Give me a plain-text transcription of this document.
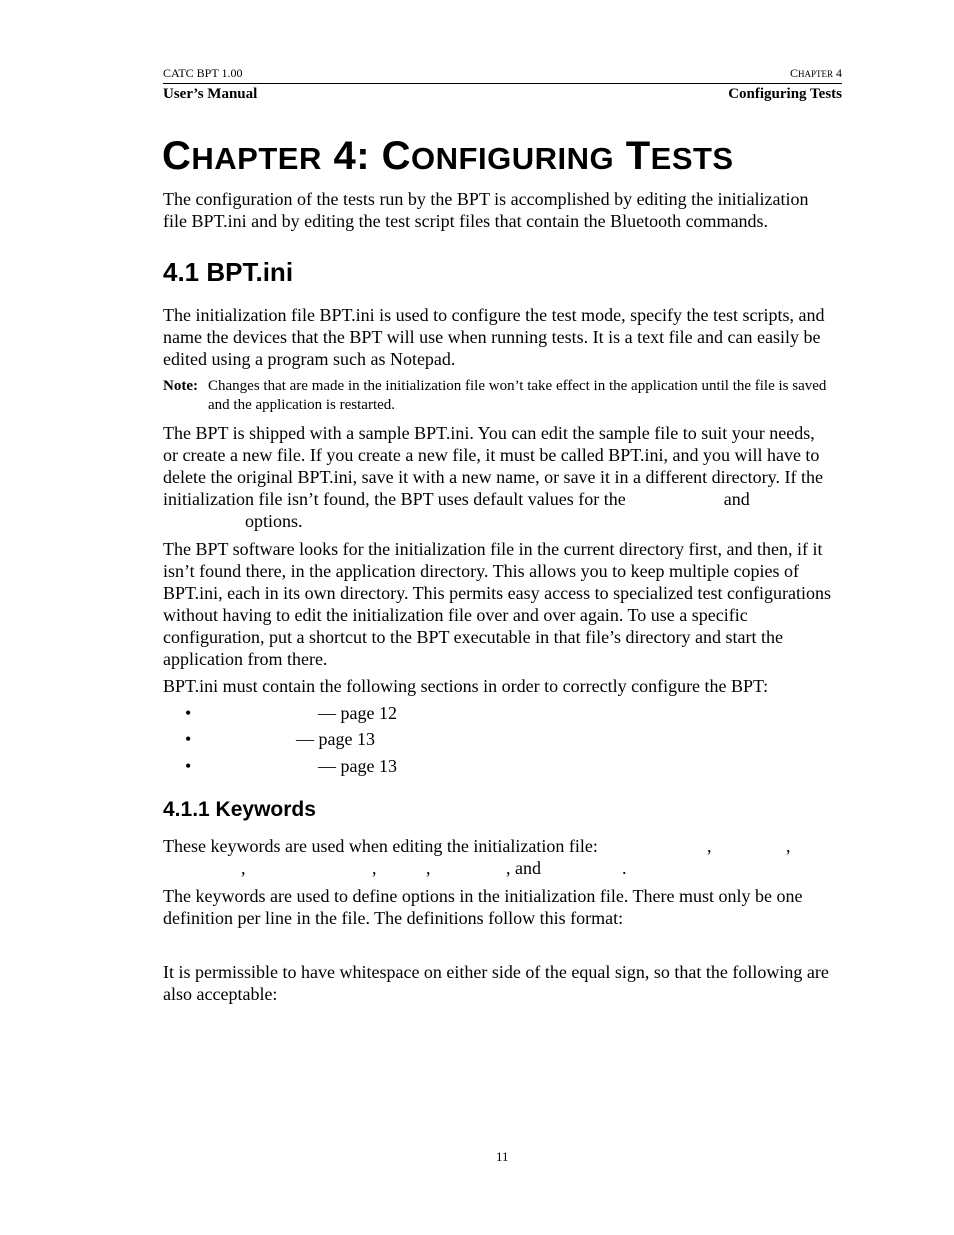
CATC BPT 1.00	CHAPTER 4
User’s Manual	Configuring Tests
CHAPTER 4: CONFIGURING TESTS
The configuration of the tests run by the BPT is accomplished by editing the initialization
file BPT.ini and by editing the test script files that contain the Bluetooth commands.
4.1 BPT.ini
The initialization file BPT.ini is used to configure the test mode, specify the test scripts, and
name the devices that the BPT will use when running tests. It is a text file and can easily be
edited using a program such as Notepad.
Note: Changes that are made in the initialization file won’t take effect in the application until the file is saved
and the application is restarted.
The BPT is shipped with a sample BPT.ini. You can edit the sample file to suit your needs,
or create a new file. If you create a new file, it must be called BPT.ini, and you will have to
delete the original BPT.ini, save it with a new name, or save it in a different directory. If the
initialization file isn’t found, the BPT uses default values for the	and
options.
The BPT software looks for the initialization file in the current directory first, and then, if it
isn’t found there, in the application directory. This allows you to keep multiple copies of
BPT.ini, each in its own directory. This permits easy access to specialized test configurations
without having to edit the initialization file over and over again. To use a specific
configuration, put a shortcut to the BPT executable in that file’s directory and start the
application from there.
BPT.ini must contain the following sections in order to correctly configure the BPT:
•	— page 12
•	— page 13
•	— page 13
4.1.1 Keywords
These keywords are used when editing the initialization file:	,	,
,	,	,	, and	.
The keywords are used to define options in the initialization file. There must only be one
definition per line in the file. The definitions follow this format:
It is permissible to have whitespace on either side of the equal sign, so that the following are
also acceptable:
11
